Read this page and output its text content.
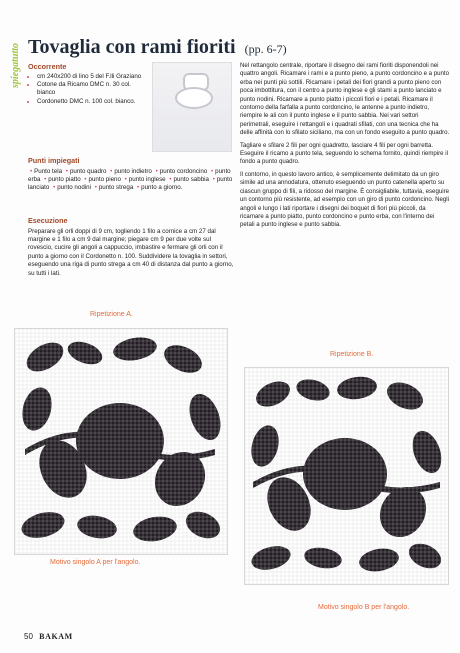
spiegatutto Tovaglia con rami fioriti (pp. 6-7)
Occorrente
• cm 240x200 di lino 5 del F.lli Graziano
• Cotone da Ricamo DMC n. 30 col. bianco
• Cordonetto DMC n. 100 col. bianco.
Punti impiegati
• Punto tela • punto quadro • punto indietro • punto cordoncino • punto erba • punto piatto • punto pieno • punto inglese • punto sabbia • punto lanciato • punto nodini • punto strega • punto a giorno.
Esecuzione
Preparare gli orli doppi di 9 cm, togliendo 1 filo a cornice a cm 27 dal margine e 1 filo a cm 9 dal margine; piegare cm 9 per due volte sul rovescio, cucire gli angoli a cappuccio, imbastire e fermare gli orli con il punto a giorno con il Cordonetto n. 100. Suddividere la tovaglia in settori, eseguendo una riga di punto strega a cm 40 di distanza dal punto a giorno, su tutti i lati.

Nel rettangolo centrale, riportare il disegno dei rami fioriti disponendoli nei quattro angoli. Ricamare i rami e a punto pieno, a punto cordoncino e a punto erba nei punti più sottili. Ricamare i petali dei fiori grandi a punto pieno con poca imbottitura, con il centro a punto inglese e gli stami a punto lanciato e punto nodini. Ricamare a punto piatto i piccoli fiori e i petali. Ricamare il contorno della farfalla a punto cordoncino, le antenne a punto indietro, riempire le ali con il punto inglese e il punto sabbia. Nei vari settori perimetrali, eseguire i rettangoli e i quadrati sfilati, con una tecnica che ha delle affinità con lo sfilato siciliano, ma con un fondo eseguito a punto quadro.

Tagliare e sfilare 2 fili per ogni quadretto, lasciare 4 fili per ogni barretta. Eseguire il ricamo a punto tela, seguendo lo schema fornito, quindi riempire il fondo a punto quadro.

Il contorno, in questo lavoro antico, è semplicemente delimitato da un giro simile ad una annodatura, ottenuto eseguendo un punto catenella aperto su ciascun gruppo di fili, a ridosso del margine. È consigliabile, tuttavia, eseguire un contorno più resistente, ad esempio con un giro di punto cordoncino. Negli angoli e lungo i lati riportare i disegni dei boquet di fiori più piccoli, da ricamare a punto piatto, punto cordoncino e punto erba, con l'interno dei petali a punto inglese e punto sabbia.

Ripetizione A.
Ripetizione B.
Motivo singolo A per l'angolo.
Motivo singolo B per l'angolo.
50 BAKAM
